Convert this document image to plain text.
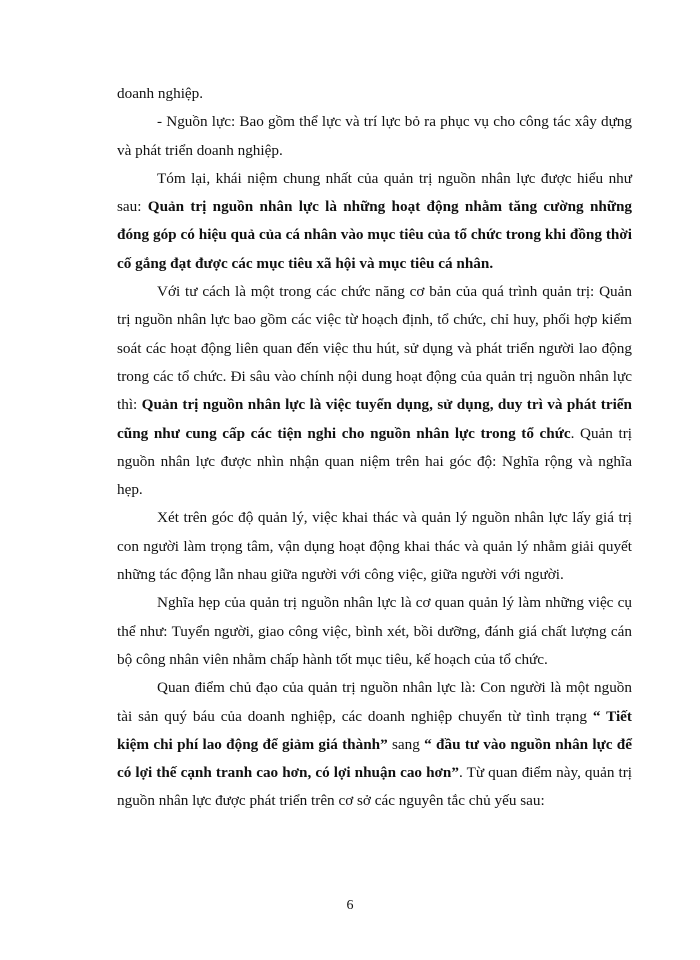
doanh nghiệp.

- Nguồn lực: Bao gồm thể lực và trí lực bỏ ra phục vụ cho công tác xây dựng và phát triển doanh nghiệp.

Tóm lại, khái niệm chung nhất của quản trị nguồn nhân lực được hiểu như sau: Quản trị nguồn nhân lực là những hoạt động nhằm tăng cường những đóng góp có hiệu quả của cá nhân vào mục tiêu của tổ chức trong khi đồng thời cố gắng đạt được các mục tiêu xã hội và mục tiêu cá nhân.

Với tư cách là một trong các chức năng cơ bản của quá trình quản trị: Quản trị nguồn nhân lực bao gồm các việc từ hoạch định, tổ chức, chỉ huy, phối hợp kiểm soát các hoạt động liên quan đến việc thu hút, sử dụng và phát triển người lao động trong các tổ chức. Đi sâu vào chính nội dung hoạt động của quản trị nguồn nhân lực thì: Quản trị nguồn nhân lực là việc tuyển dụng, sử dụng, duy trì và phát triển cũng như cung cấp các tiện nghi cho nguồn nhân lực trong tổ chức. Quản trị nguồn nhân lực được nhìn nhận quan niệm trên hai góc độ: Nghĩa rộng và nghĩa hẹp.

Xét trên góc độ quản lý, việc khai thác và quản lý nguồn nhân lực lấy giá trị con người làm trọng tâm, vận dụng hoạt động khai thác và quản lý nhằm giải quyết những tác động lẫn nhau giữa người với công việc, giữa người với người.

Nghĩa hẹp của quản trị nguồn nhân lực là cơ quan quản lý làm những việc cụ thể như: Tuyển người, giao công việc, bình xét, bồi dưỡng, đánh giá chất lượng cán bộ công nhân viên nhằm chấp hành tốt mục tiêu, kế hoạch của tổ chức.

Quan điểm chủ đạo của quản trị nguồn nhân lực là: Con người là một nguồn tài sản quý báu của doanh nghiệp, các doanh nghiệp chuyển từ tình trạng “ Tiết kiệm chi phí lao động để giảm giá thành” sang “ đầu tư vào nguồn nhân lực để có lợi thế cạnh tranh cao hơn, có lợi nhuận cao hơn”. Từ quan điểm này, quản trị nguồn nhân lực được phát triển trên cơ sở các nguyên tắc chủ yếu sau:

6
